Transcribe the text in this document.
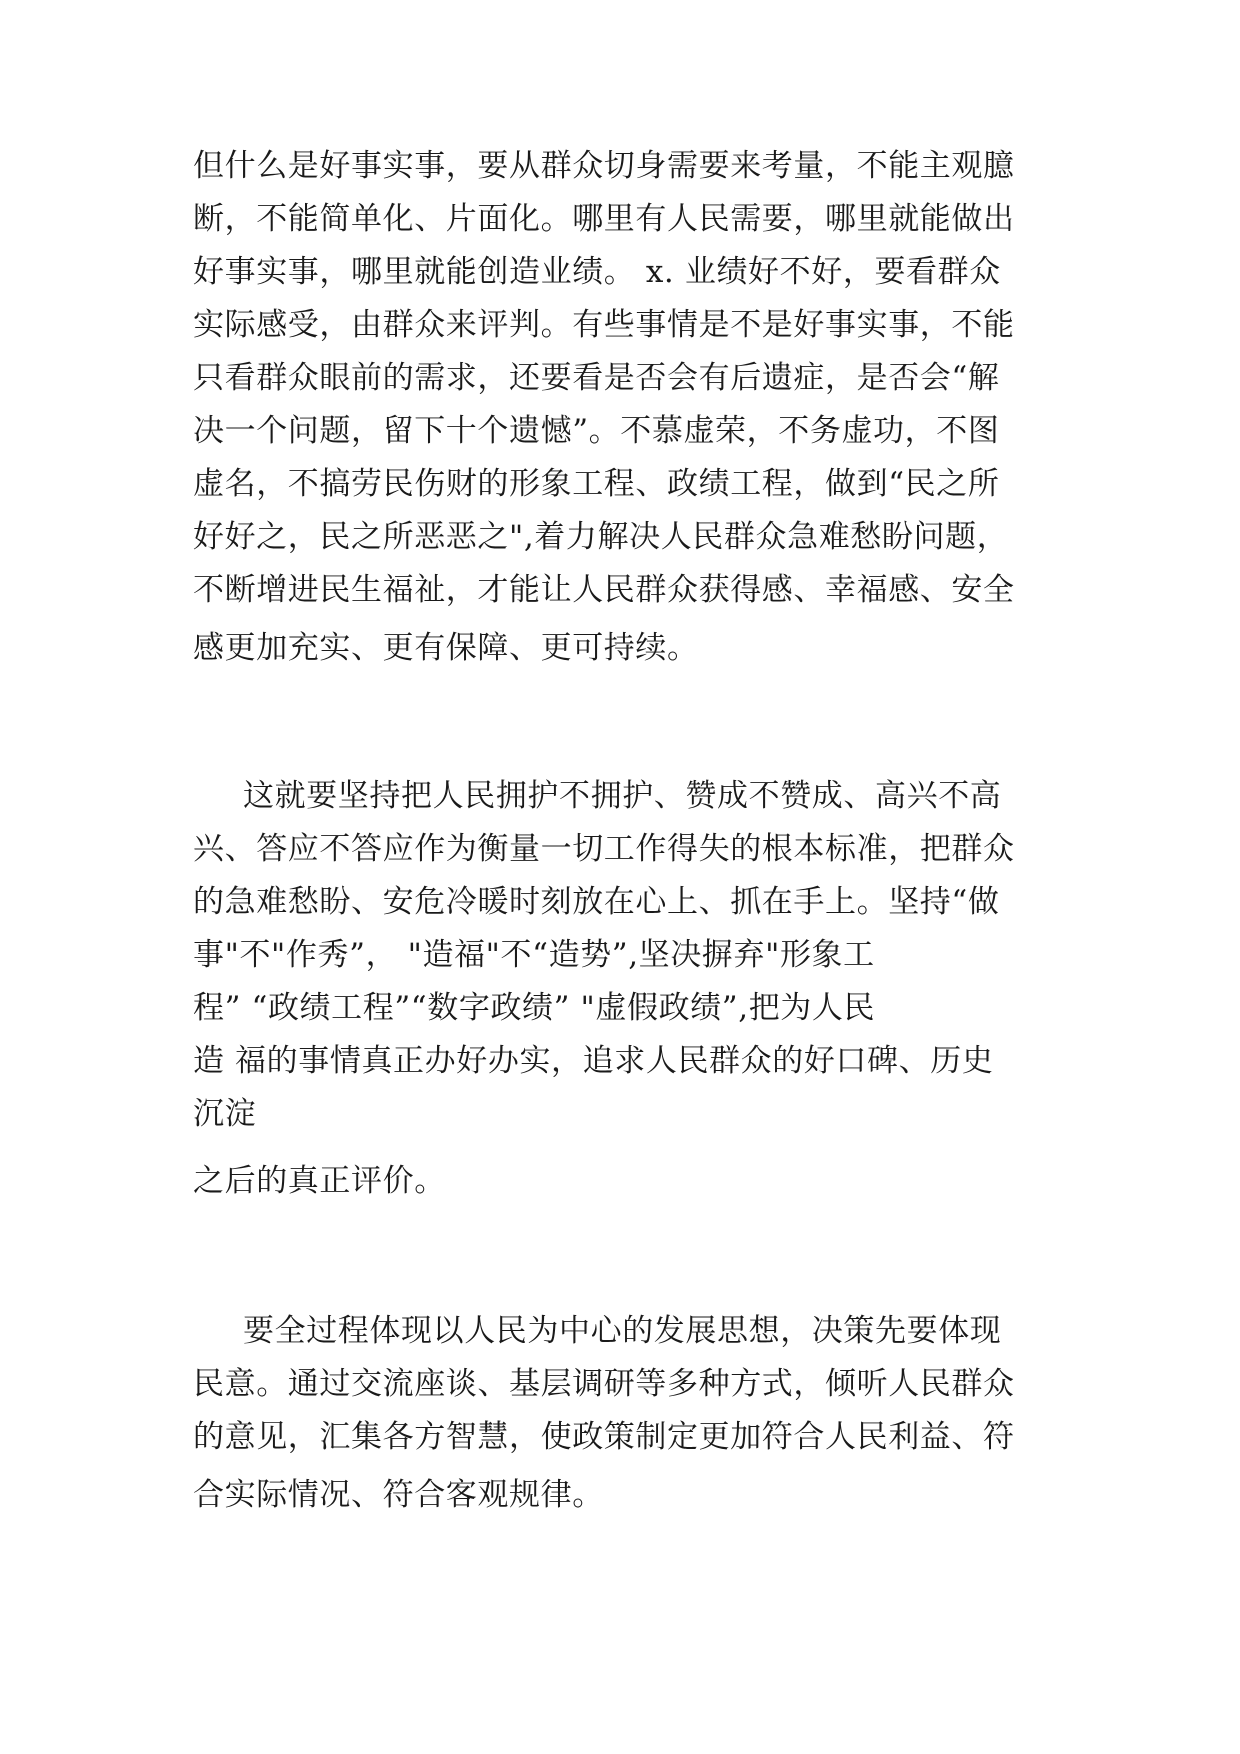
但什么是好事实事，要从群众切身需要来考量，不能主观臆

断，不能简单化、片面化。哪里有人民需要，哪里就能做出

好事实事，哪里就能创造业绩。 x. 业绩好不好，要看群众

实际感受，由群众来评判。有些事情是不是好事实事，不能

只看群众眼前的需求，还要看是否会有后遗症，是否会“解

决一个问题，留下十个遗憾”。不慕虚荣，不务虚功，不图

虚名，不搞劳民伤财的形象工程、政绩工程，做到“民之所

好好之，民之所恶恶之",着力解决人民群众急难愁盼问题，

不断增进民生福祉，才能让人民群众获得感、幸福感、安全

感更加充实、更有保障、更可持续。

这就要坚持把人民拥护不拥护、赞成不赞成、高兴不高

兴、答应不答应作为衡量一切工作得失的根本标准，把群众

的急难愁盼、安危冷暖时刻放在心上、抓在手上。坚持“做

事"不"作秀”， "造福"不“造势”,坚决摒弃"形象工

程” “政绩工程”“数字政绩” "虚假政绩”,把为人民

造 福的事情真正办好办实，追求人民群众的好口碑、历史

沉淀

之后的真正评价。

要全过程体现以人民为中心的发展思想，决策先要体现

民意。通过交流座谈、基层调研等多种方式，倾听人民群众

的意见，汇集各方智慧，使政策制定更加符合人民利益、符

合实际情况、符合客观规律。
